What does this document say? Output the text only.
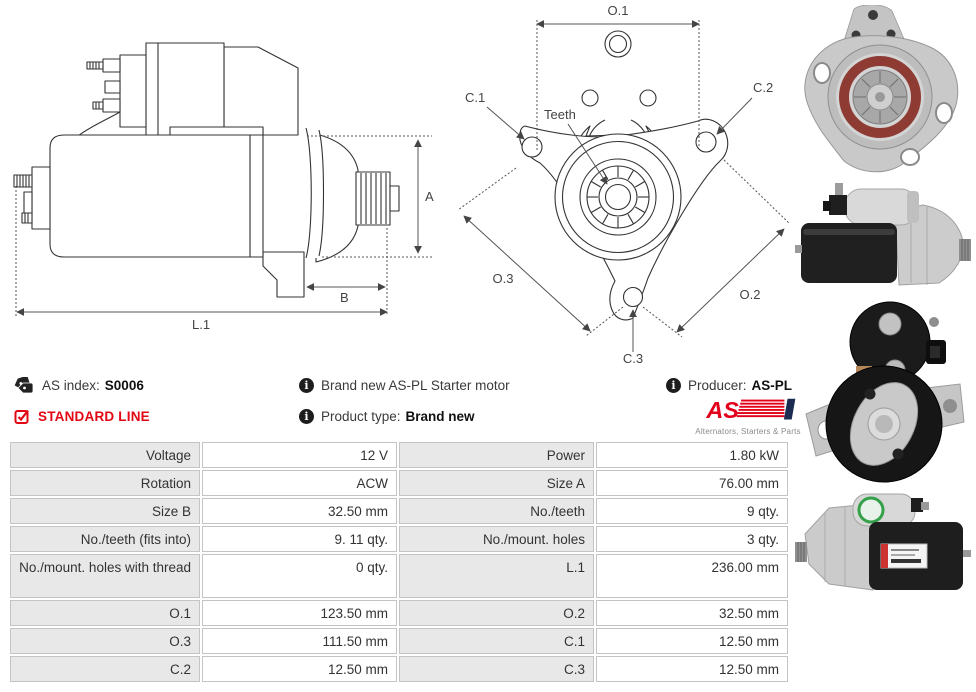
A
B
L.1
O.1
C.1
C.2
Teeth
O.3
O.2
C.3
AS index: S0006
STANDARD LINE
i Brand new AS-PL Starter motor
i Product type: Brand new
i Producer: AS-PL
AS
Alternators, Starters & Parts
Voltage	12 V	Power	1.80 kW
Rotation	ACW	Size A	76.00 mm
Size B	32.50 mm	No./teeth	9 qty.
No./teeth (fits into)	9. 11 qty.	No./mount. holes	3 qty.
No./mount. holes with thread	0 qty.	L.1	236.00 mm
O.1	123.50 mm	O.2	32.50 mm
O.3	111.50 mm	C.1	12.50 mm
C.2	12.50 mm	C.3	12.50 mm
